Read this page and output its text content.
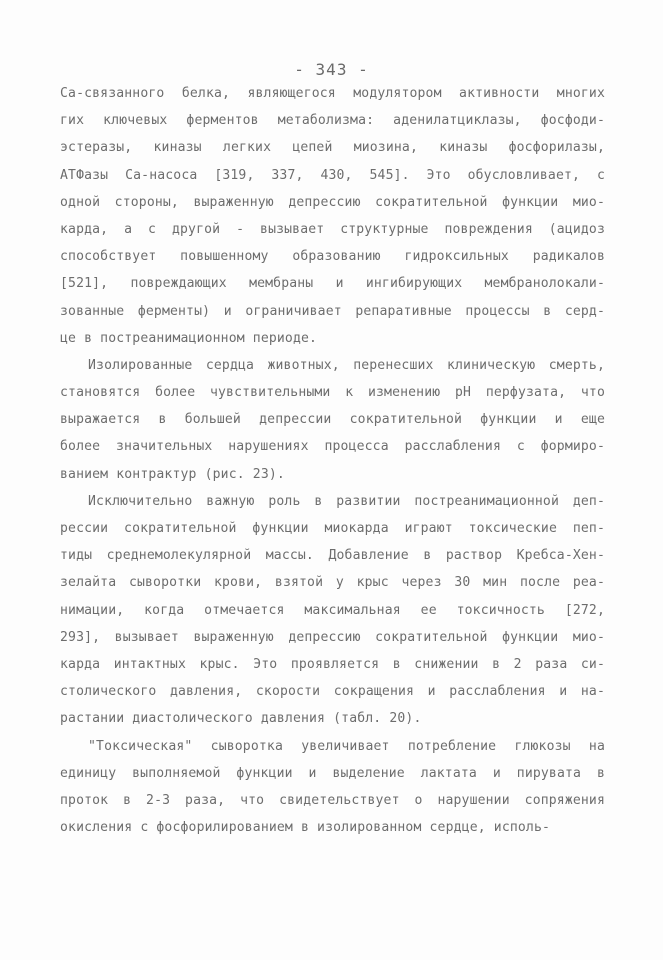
- 343 -
Ca-связанного белка, являющегося модулятором активности многих
гих ключевых ферментов метаболизма: аденилатциклазы, фосфоди-
эстеразы, киназы легких цепей миозина, киназы фосфорилазы,
АТФазы Ca-насоса [319, 337, 430, 545]. Это обусловливает, с
одной стороны, выраженную депрессию сократительной функции мио-
карда, а с другой - вызывает структурные повреждения (ацидоз
способствует повышенному образованию гидроксильных радикалов
[521], повреждающих мембраны и ингибирующих мембранолокали-
зованные ферменты) и ограничивает репаративные процессы в серд-
це в постреанимационном периоде.
Изолированные сердца животных, перенесших клиническую смерть,
становятся более чувствительными к изменению pH перфузата, что
выражается в большей депрессии сократительной функции и еще
более значительных нарушениях процесса расслабления с формиро-
ванием контрактур (рис. 23).
Исключительно важную роль в развитии постреанимационной деп-
рессии сократительной функции миокарда играют токсические пеп-
тиды среднемолекулярной массы. Добавление в раствор Кребса-Хен-
зелайта сыворотки крови, взятой у крыс через 30 мин после реа-
нимации, когда отмечается максимальная ее токсичность [272,
293], вызывает выраженную депрессию сократительной функции мио-
карда интактных крыс. Это проявляется в снижении в 2 раза си-
столического давления, скорости сокращения и расслабления и на-
растании диастолического давления (табл. 20).
"Токсическая" сыворотка увеличивает потребление глюкозы на
единицу выполняемой функции и выделение лактата и пирувата в
проток в 2-3 раза, что свидетельствует о нарушении сопряжения
окисления с фосфорилированием в изолированном сердце, исполь-
